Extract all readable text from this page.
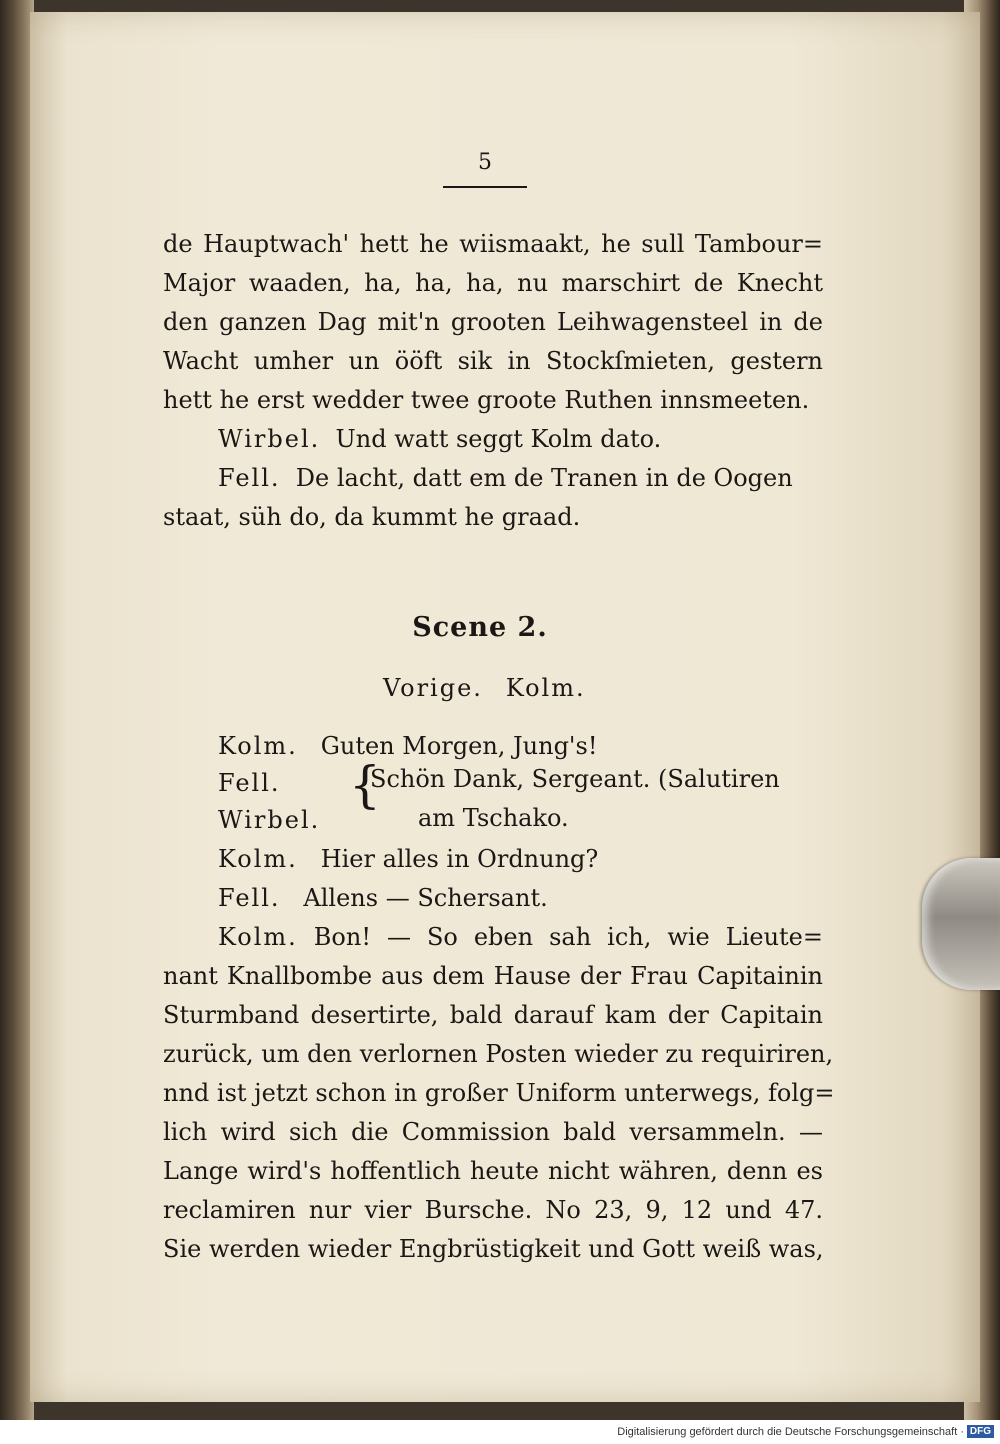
5
de Hauptwach' hett he wiismaakt, he sull Tambour=
Major waaden, ha, ha, ha, nu marschirt de Knecht
den ganzen Dag mit'n grooten Leihwagensteel in de
Wacht umher un ööft sik in Stockſmieten, gestern
hett he erst wedder twee groote Ruthen innsmeeten.
Wirbel. Und watt seggt Kolm dato.
Fell. De lacht, datt em de Tranen in de Oogen
staat, süh do, da kummt he graad.
Scene 2.
Vorige. Kolm.
Kolm. Guten Morgen, Jung's!
Fell.	Schön Dank, Sergeant. (Salutiren
{
Wirbel.	am Tschako.
Kolm. Hier alles in Ordnung?
Fell. Allens — Schersant.
Kolm. Bon! — So eben sah ich, wie Lieute=
nant Knallbombe aus dem Hause der Frau Capitainin
Sturmband desertirte, bald darauf kam der Capitain
zurück, um den verlornen Posten wieder zu requiriren,
nnd ist jetzt schon in großer Uniform unterwegs, folg=
lich wird sich die Commission bald versammeln. —
Lange wird's hoffentlich heute nicht währen, denn es
reclamiren nur vier Bursche. No 23, 9, 12 und 47.
Sie werden wieder Engbrüstigkeit und Gott weiß was,
Digitalisierung gefördert durch die Deutsche Forschungsgemeinschaft · DFG
